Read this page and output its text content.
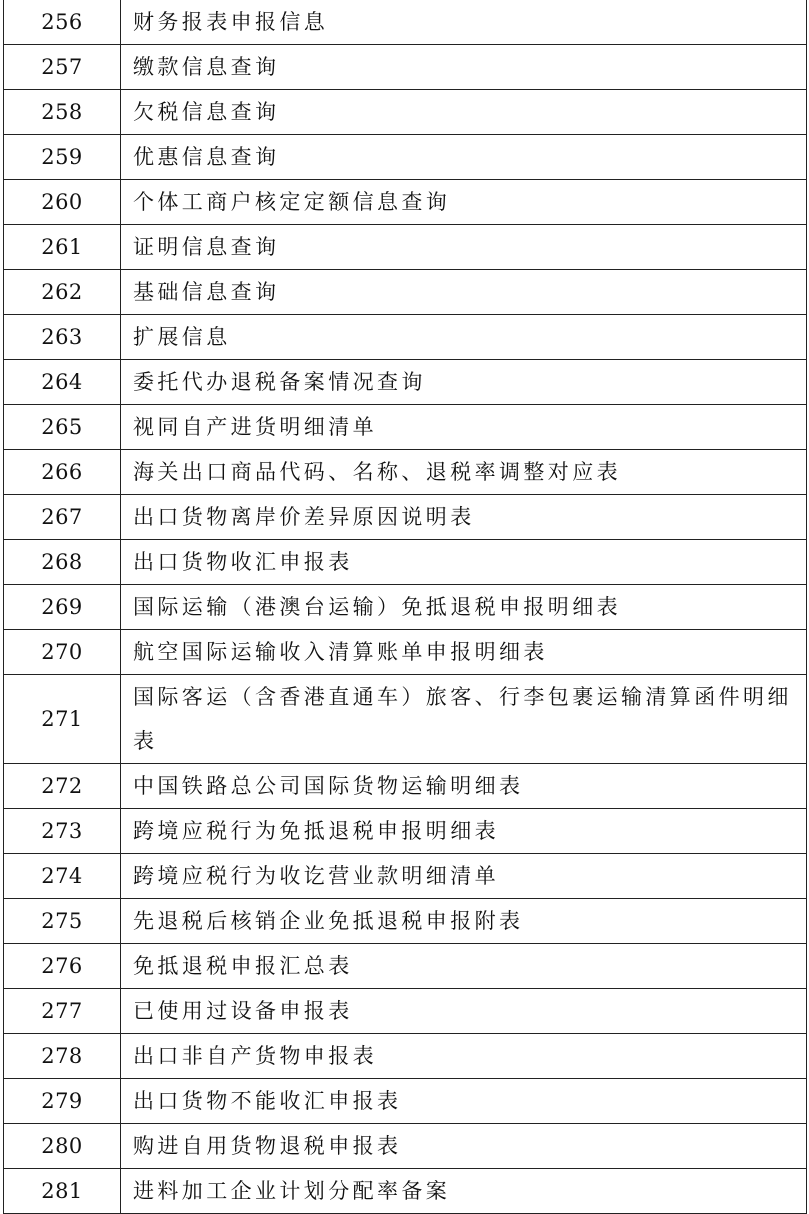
256	财务报表申报信息
257	缴款信息查询
258	欠税信息查询
259	优惠信息查询
260	个体工商户核定定额信息查询
261	证明信息查询
262	基础信息查询
263	扩展信息
264	委托代办退税备案情况查询
265	视同自产进货明细清单
266	海关出口商品代码、名称、退税率调整对应表
267	出口货物离岸价差异原因说明表
268	出口货物收汇申报表
269	国际运输（港澳台运输）免抵退税申报明细表
270	航空国际运输收入清算账单申报明细表
271	国际客运（含香港直通车）旅客、行李包裹运输清算函件明细表
272	中国铁路总公司国际货物运输明细表
273	跨境应税行为免抵退税申报明细表
274	跨境应税行为收讫营业款明细清单
275	先退税后核销企业免抵退税申报附表
276	免抵退税申报汇总表
277	已使用过设备申报表
278	出口非自产货物申报表
279	出口货物不能收汇申报表
280	购进自用货物退税申报表
281	进料加工企业计划分配率备案
